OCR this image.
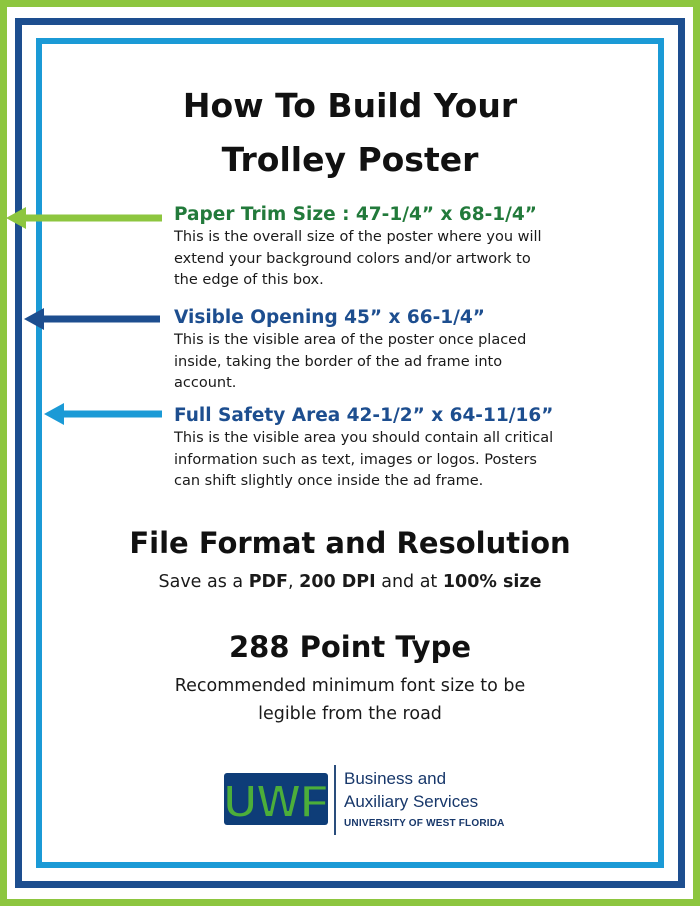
How To Build Your
Trolley Poster
Paper Trim Size : 47-1/4” x 68-1/4”
This is the overall size of the poster where you will
extend your background colors and/or artwork to
the edge of this box.
Visible Opening 45” x 66-1/4”
This is the visible area of the poster once placed
inside, taking the border of the ad frame into
account.
Full Safety Area 42-1/2” x 64-11/16”
This is the visible area you should contain all critical
information such as text, images or logos. Posters
can shift slightly once inside the ad frame.
File Format and Resolution
Save as a PDF, 200 DPI and at 100% size
288 Point Type
Recommended minimum font size to be
legible from the road
UWF Business and
Auxiliary Services
UNIVERSITY OF WEST FLORIDA
